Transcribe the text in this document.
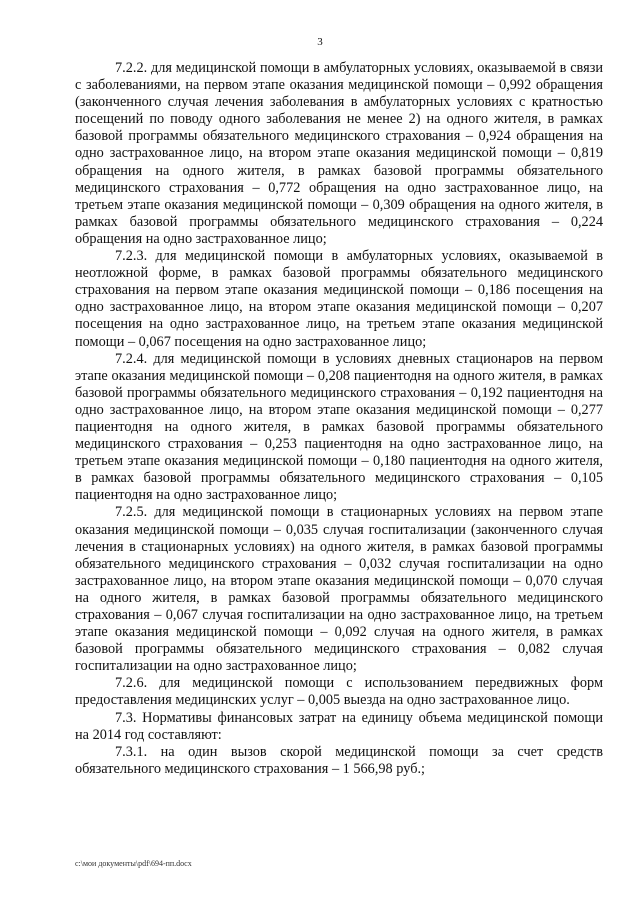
3

7.2.2. для медицинской помощи в амбулаторных условиях, оказываемой в связи с заболеваниями, на первом этапе оказания медицинской помощи – 0,992 обращения (законченного случая лечения заболевания в амбулаторных условиях с кратностью посещений по поводу одного заболевания не менее 2) на одного жителя, в рамках базовой программы обязательного медицинского страхования – 0,924 обращения на одно застрахованное лицо, на втором этапе оказания медицинской помощи – 0,819 обращения на одного жителя, в рамках базовой программы обязательного медицинского страхования – 0,772 обращения на одно застрахованное лицо, на третьем этапе оказания медицинской помощи – 0,309 обращения на одного жителя, в рамках базовой программы обязательного медицинского страхования – 0,224 обращения на одно застрахованное лицо;

7.2.3. для медицинской помощи в амбулаторных условиях, оказываемой в неотложной форме, в рамках базовой программы обязательного медицинского страхования на первом этапе оказания медицинской помощи – 0,186 посещения на одно застрахованное лицо, на втором этапе оказания медицинской помощи – 0,207 посещения на одно застрахованное лицо, на третьем этапе оказания медицинской помощи – 0,067 посещения на одно застрахованное лицо;

7.2.4. для медицинской помощи в условиях дневных стационаров на первом этапе оказания медицинской помощи – 0,208 пациентодня на одного жителя, в рамках базовой программы обязательного медицинского страхования – 0,192 пациентодня на одно застрахованное лицо, на втором этапе оказания медицинской помощи – 0,277 пациентодня на одного жителя, в рамках базовой программы обязательного медицинского страхования – 0,253 пациентодня на одно застрахованное лицо, на третьем этапе оказания медицинской помощи – 0,180 пациентодня на одного жителя, в рамках базовой программы обязательного медицинского страхования – 0,105 пациентодня на одно застрахованное лицо;

7.2.5. для медицинской помощи в стационарных условиях на первом этапе оказания медицинской помощи – 0,035 случая госпитализации (законченного случая лечения в стационарных условиях) на одного жителя, в рамках базовой программы обязательного медицинского страхования – 0,032 случая госпитализации на одно застрахованное лицо, на втором этапе оказания медицинской помощи – 0,070 случая на одного жителя, в рамках базовой программы обязательного медицинского страхования – 0,067 случая госпитализации на одно застрахованное лицо, на третьем этапе оказания медицинской помощи – 0,092 случая на одного жителя, в рамках базовой программы обязательного медицинского страхования – 0,082 случая госпитализации на одно застрахованное лицо;

7.2.6. для медицинской помощи с использованием передвижных форм предоставления медицинских услуг – 0,005 выезда на одно застрахованное лицо.

7.3. Нормативы финансовых затрат на единицу объема медицинской помощи на 2014 год составляют:

7.3.1. на один вызов скорой медицинской помощи за счет средств обязательного медицинского страхования – 1 566,98 руб.;

c:\мои документы\pdf\694-пп.docx
